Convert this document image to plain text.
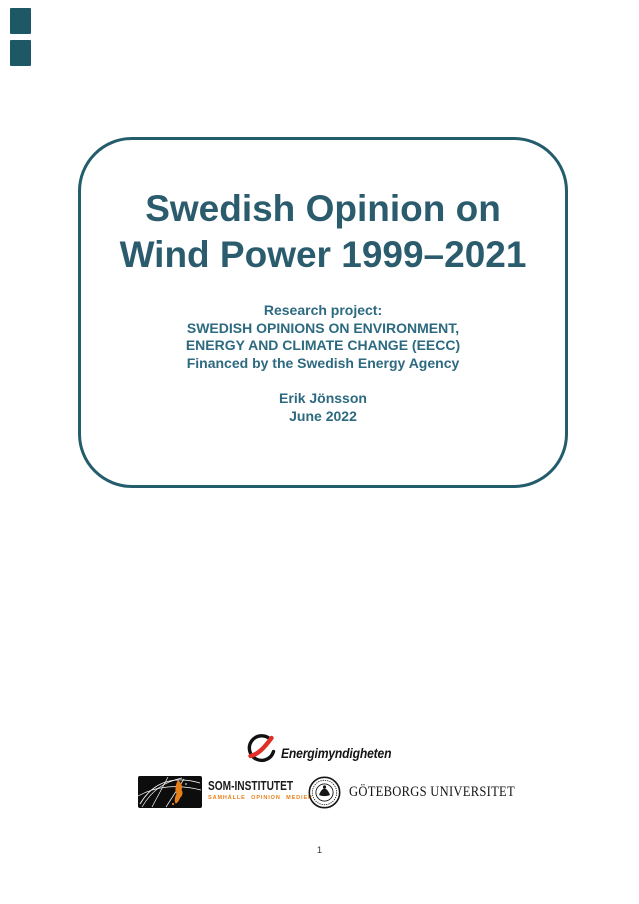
Swedish Opinion on
Wind Power 1999–2021
Research project:
SWEDISH OPINIONS ON ENVIRONMENT,
ENERGY AND CLIMATE CHANGE (EECC)
Financed by the Swedish Energy Agency
Erik Jönsson
June 2022
Energimyndigheten
SOM-INSTITUTET
SAMHÄLLE OPINION MEDIER GÖTEBORGS UNIVERSITET
1
